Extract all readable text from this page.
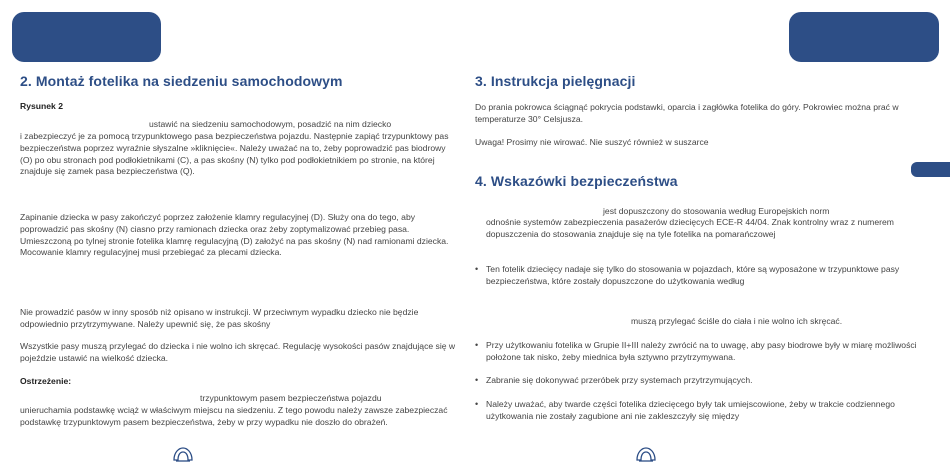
2. Montaż fotelika na siedzeniu samochodowym

Rysunek 2

ustawić na siedzeniu samochodowym, posadzić na nim dziecko

i zabezpieczyć je za pomocą trzypunktowego pasa bezpieczeństwa pojazdu. Następnie zapiąć trzypunktowy pas bezpieczeństwa poprzez wyraźnie słyszalne »kliknięcie«. Należy uważać na to, żeby poprowadzić pas biodrowy (O) po obu stronach pod podłokietnikami (C), a pas skośny (N) tylko pod podłokietnikiem po stronie, na której znajduje się zamek pasa bezpieczeństwa (Q).

Zapinanie dziecka w pasy zakończyć poprzez założenie klamry regulacyjnej (D). Służy ona do tego, aby poprowadzić pas skośny (N) ciasno przy ramionach dziecka oraz żeby zoptymalizować przebieg pasa. Umieszczoną po tylnej stronie fotelika klamrę regulacyjną (D) założyć na pas skośny (N) nad ramionami dziecka. Mocowanie klamry regulacyjnej musi przebiegać za plecami dziecka.

Nie prowadzić pasów w inny sposób niż opisano w instrukcji. W przeciwnym wypadku dziecko nie będzie odpowiednio przytrzymywane. Należy upewnić się, że pas skośny

Wszystkie pasy muszą przylegać do dziecka i nie wolno ich skręcać. Regulację wysokości pasów znajdujące się w pojeździe ustawić na wielkość dziecka.

Ostrzeżenie:

trzypunktowym pasem bezpieczeństwa pojazdu

unieruchamia podstawkę wciąż w właściwym miejscu na siedzeniu. Z tego powodu należy zawsze zabezpieczać podstawkę trzypunktowym pasem bezpieczeństwa, żeby w przy wypadku nie doszło do obrażeń.

3. Instrukcja pielęgnacji

Do prania pokrowca ściągnąć pokrycia podstawki, oparcia i zagłówka fotelika do góry. Pokrowiec można prać w temperaturze 30° Celsjusza.

Uwaga! Prosimy nie wirować. Nie suszyć również w suszarce

4. Wskazówki bezpieczeństwa

jest dopuszczony do stosowania według Europejskich norm

odnośnie systemów zabezpieczenia pasażerów dziecięcych ECE-R 44/04. Znak kontrolny wraz z numerem dopuszczenia do stosowania znajduje się na tyle fotelika na pomarańczowej

• Ten fotelik dziecięcy nadaje się tylko do stosowania w pojazdach, które są wyposażone w trzypunktowe pasy bezpieczeństwa, które zostały dopuszczone do użytkowania według

muszą przylegać ściśle do ciała i nie wolno ich skręcać.

• Przy użytkowaniu fotelika w Grupie II+III należy zwrócić na to uwagę, aby pasy biodrowe były w miarę możliwości położone tak nisko, żeby miednica była sztywno przytrzymywana.

• Zabranie się dokonywać przeróbek przy systemach przytrzymujących.

• Należy uważać, aby twarde części fotelika dziecięcego były tak umiejscowione, żeby w trakcie codziennego użytkowania nie zostały zagubione ani nie zakleszczyły się między
